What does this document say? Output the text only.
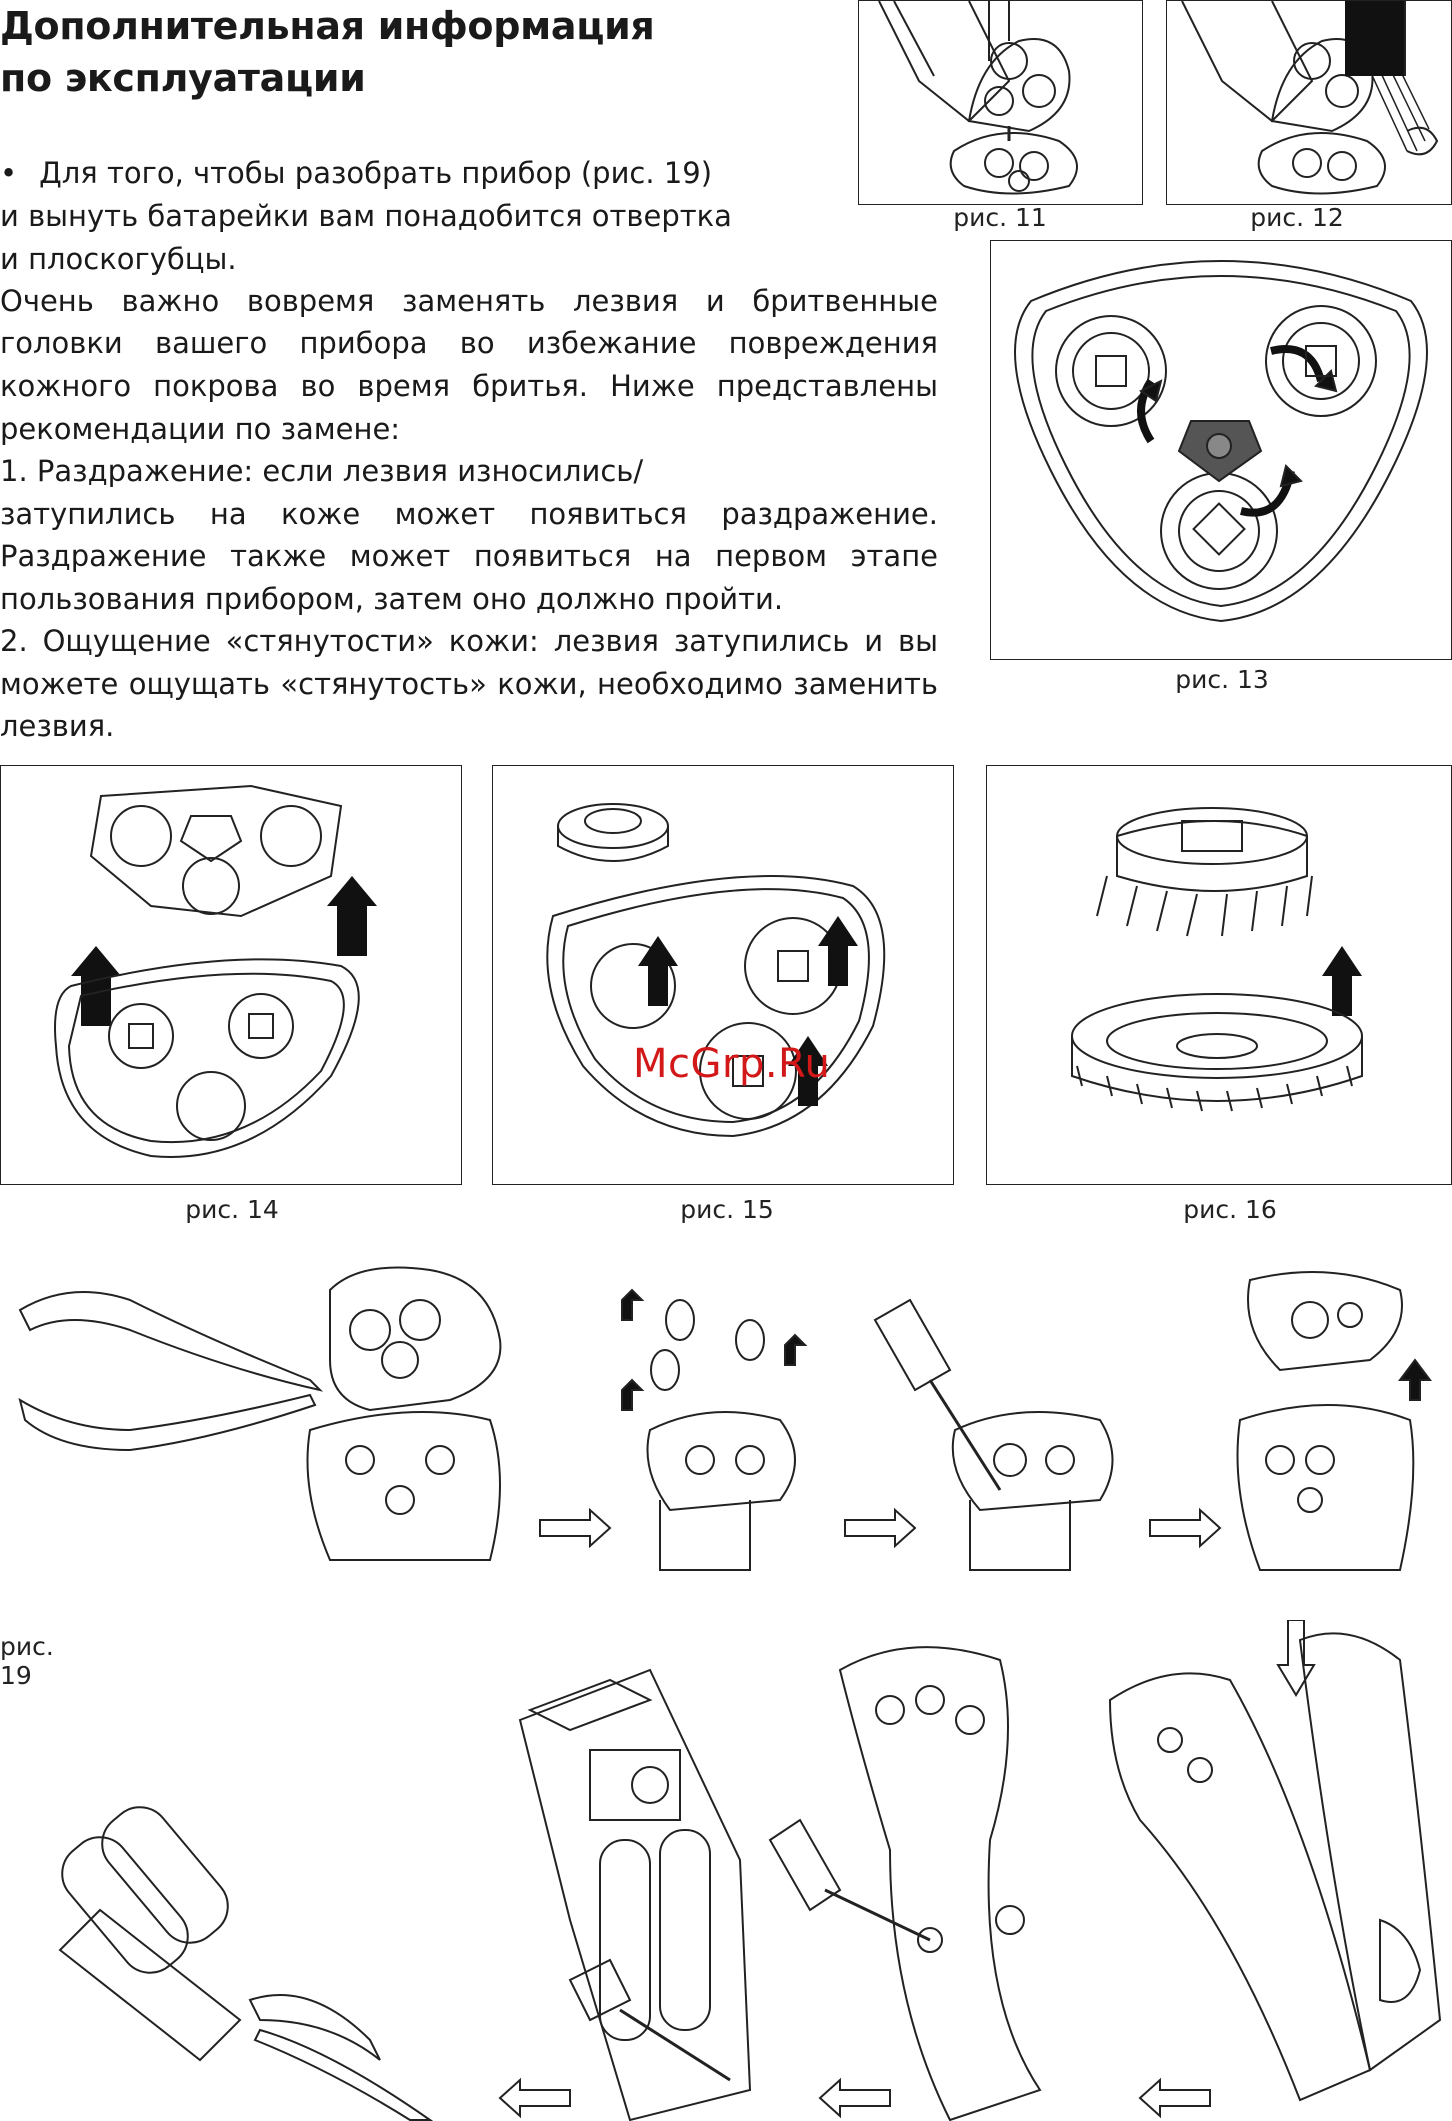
Дополнительная информация
по эксплуатации
• Для того, чтобы разобрать прибор (рис. 19)
и вынуть батарейки вам понадобится отвертка
и плоскогубцы.
Очень важно вовремя заменять лезвия и бритвенные
головки вашего прибора во избежание повреждения
кожного покрова во время бритья. Ниже представлены
рекомендации по замене:
1. Раздражение: если лезвия износились/
затупились на коже может появиться раздражение.
Раздражение также может появиться на первом этапе
пользования прибором, затем оно должно пройти.
2. Ощущение «стянутости» кожи: лезвия затупились и вы
можете ощущать «стянутость» кожи, необходимо заменить
лезвия.
рис. 11	рис. 12
рис. 13
рис. 14
McGrp.Ru
рис. 15	рис. 16
рис. 19
